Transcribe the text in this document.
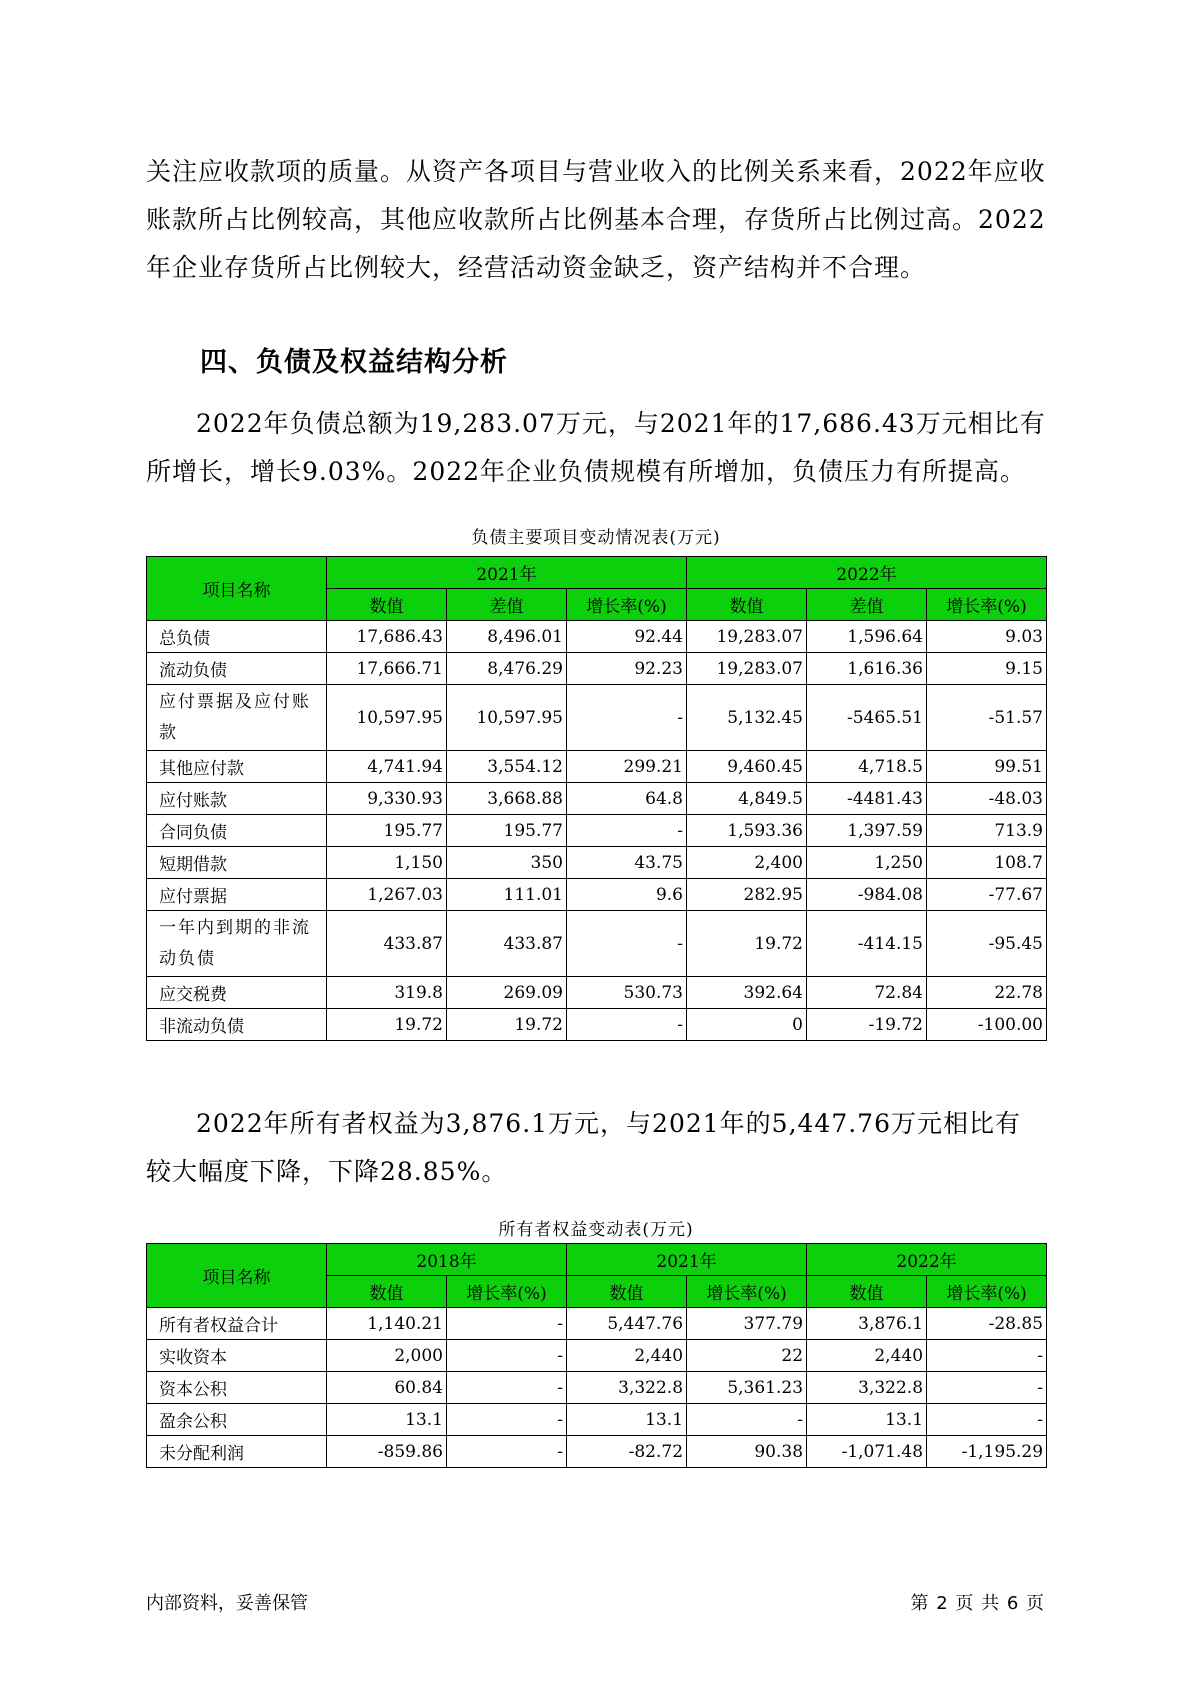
关注应收款项的质量。从资产各项目与营业收入的比例关系来看，2022年应收账款所占比例较高，其他应收款所占比例基本合理，存货所占比例过高。2022年企业存货所占比例较大，经营活动资金缺乏，资产结构并不合理。

四、负债及权益结构分析

2022年负债总额为19,283.07万元，与2021年的17,686.43万元相比有所增长，增长9.03%。2022年企业负债规模有所增加，负债压力有所提高。

负债主要项目变动情况表(万元)
项目名称	2021年			2022年		
	数值	差值	增长率(%)	数值	差值	增长率(%)
总负债	17,686.43	8,496.01	92.44	19,283.07	1,596.64	9.03
流动负债	17,666.71	8,476.29	92.23	19,283.07	1,616.36	9.15
应付票据及应付账款	10,597.95	10,597.95	-	5,132.45	-5465.51	-51.57
其他应付款	4,741.94	3,554.12	299.21	9,460.45	4,718.5	99.51
应付账款	9,330.93	3,668.88	64.8	4,849.5	-4481.43	-48.03
合同负债	195.77	195.77	-	1,593.36	1,397.59	713.9
短期借款	1,150	350	43.75	2,400	1,250	108.7
应付票据	1,267.03	111.01	9.6	282.95	-984.08	-77.67
一年内到期的非流动负债	433.87	433.87	-	19.72	-414.15	-95.45
应交税费	319.8	269.09	530.73	392.64	72.84	22.78
非流动负债	19.72	19.72	-	0	-19.72	-100.00

2022年所有者权益为3,876.1万元，与2021年的5,447.76万元相比有较大幅度下降，下降28.85%。

所有者权益变动表(万元)
项目名称	2018年		2021年		2022年	
	数值	增长率(%)	数值	增长率(%)	数值	增长率(%)
所有者权益合计	1,140.21	-	5,447.76	377.79	3,876.1	-28.85
实收资本	2,000	-	2,440	22	2,440	-
资本公积	60.84	-	3,322.8	5,361.23	3,322.8	-
盈余公积	13.1	-	13.1	-	13.1	-
未分配利润	-859.86	-	-82.72	90.38	-1,071.48	-1,195.29
内部资料，妥善保管	第 2 页 共 6 页
